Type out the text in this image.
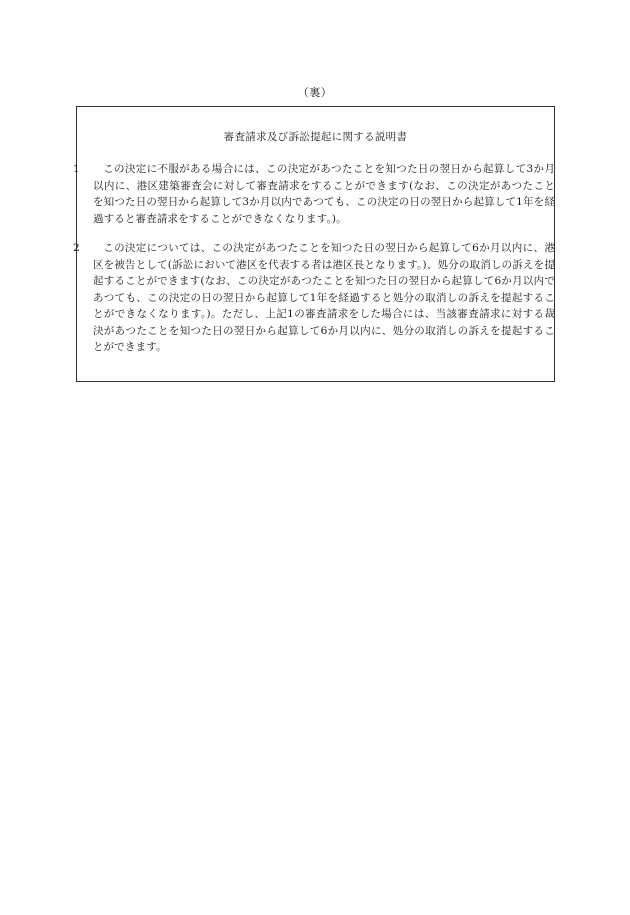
（裏）
審査請求及び訴訟提起に関する説明書
1 この決定に不服がある場合には、この決定があつたことを知つた日の翌日から起算して3か月以内に、港区建築審査会に対して審査請求をすることができます(なお、この決定があつたことを知つた日の翌日から起算して3か月以内であつても、この決定の日の翌日から起算して1年を経過すると審査請求をすることができなくなります。)。
2 この決定については、この決定があつたことを知つた日の翌日から起算して6か月以内に、港区を被告として(訴訟において港区を代表する者は港区長となります。)、処分の取消しの訴えを提起することができます(なお、この決定があつたことを知つた日の翌日から起算して6か月以内であつても、この決定の日の翌日から起算して1年を経過すると処分の取消しの訴えを提起することができなくなります。)。ただし、上記1の審査請求をした場合には、当該審査請求に対する裁決があつたことを知つた日の翌日から起算して6か月以内に、処分の取消しの訴えを提起することができます。
